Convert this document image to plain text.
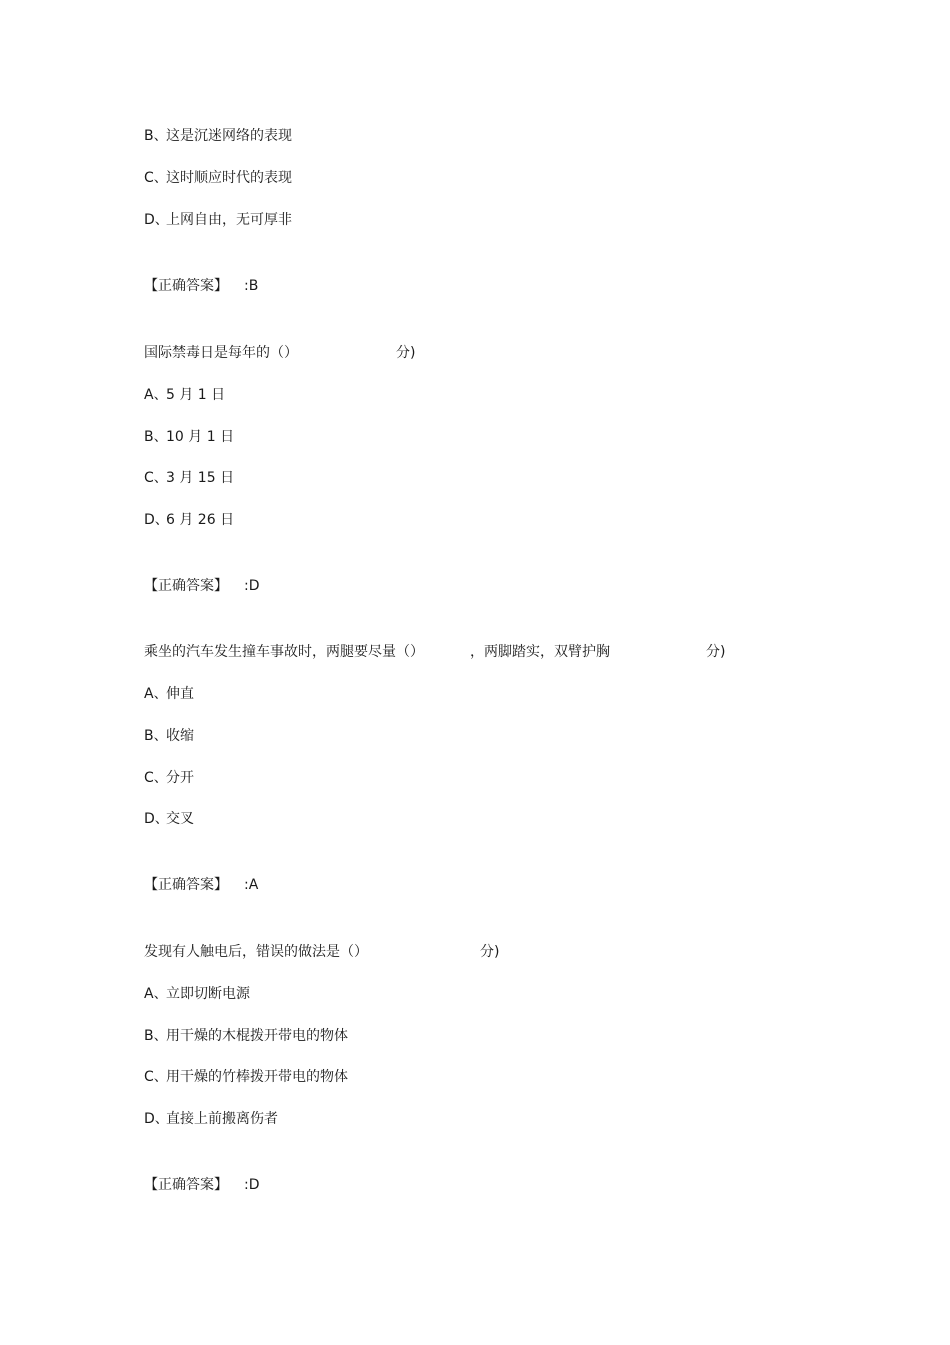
B、这是沉迷网络的表现
C、这时顺应时代的表现
D、上网自由，无可厚非
【正确答案】 :B
国际禁毒日是每年的（）	分)
A、5 月 1 日
B、10 月 1 日
C、3 月 15 日
D、6 月 26 日
【正确答案】 :D
乘坐的汽车发生撞车事故时，两腿要尽量（）	，两脚踏实，双臂护胸	分)
A、伸直
B、收缩
C、分开
D、交叉
【正确答案】 :A
发现有人触电后，错误的做法是（）	分)
A、立即切断电源
B、用干燥的木棍拨开带电的物体
C、用干燥的竹棒拨开带电的物体
D、直接上前搬离伤者
【正确答案】 :D
